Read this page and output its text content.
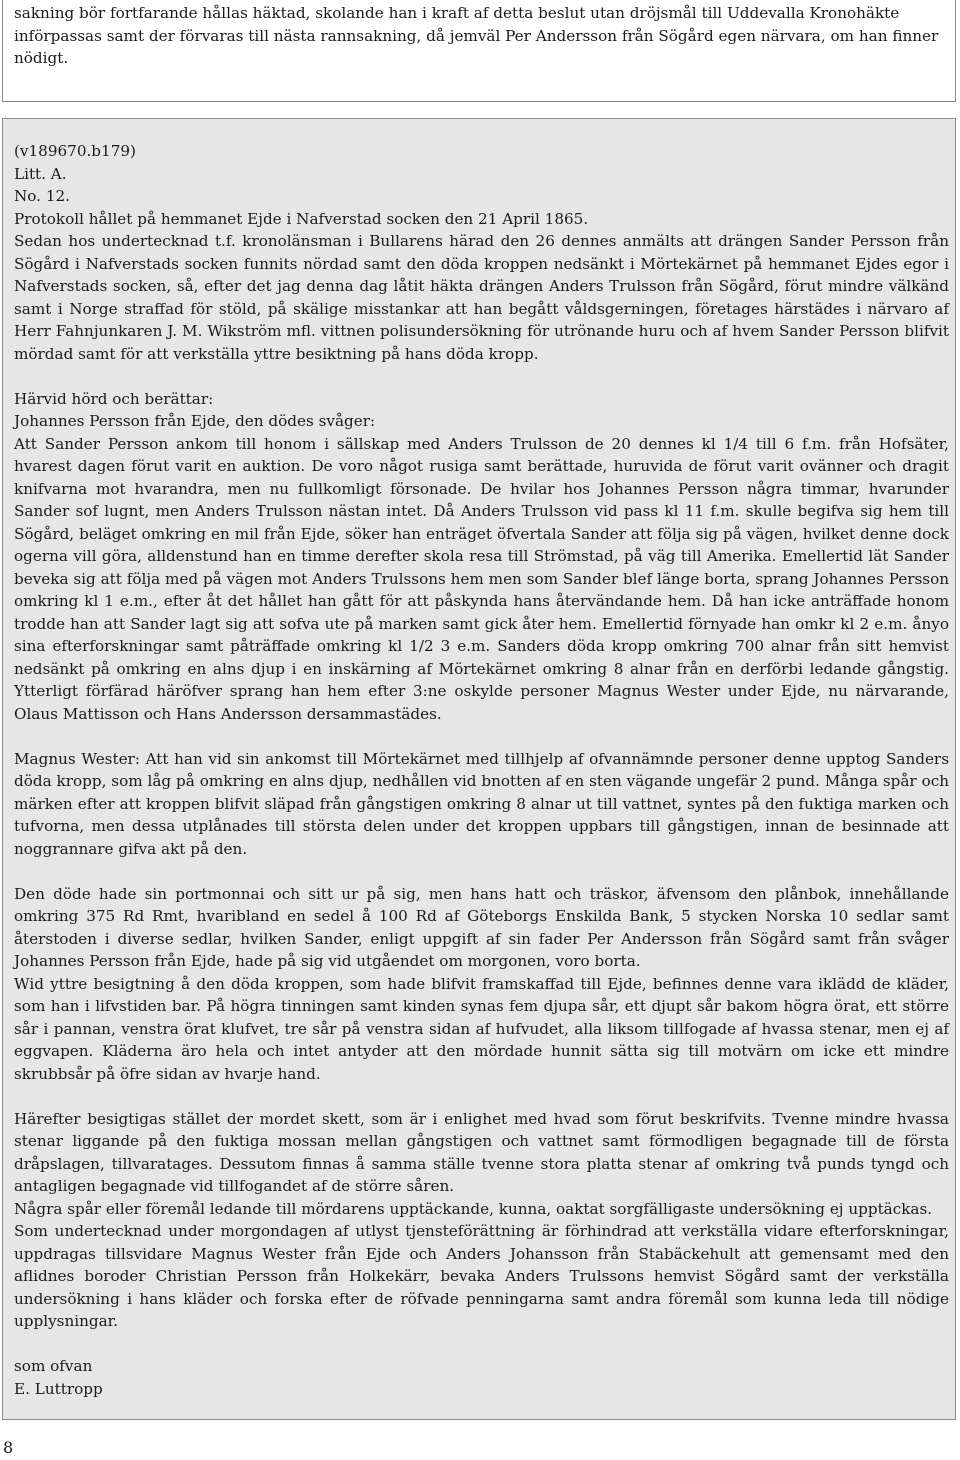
sakning bör fortfarande hållas häktad, skolande han i kraft af detta beslut utan dröjsmål till Uddevalla Kronohäkte införpassas samt der förvaras till nästa rannsakning, då jemväl Per Andersson från Sögård egen närvara, om han finner nödigt.

(v189670.b179)

Litt. A.

No. 12.

Protokoll hållet på hemmanet Ejde i Nafverstad socken den 21 April 1865.

Sedan hos undertecknad t.f. kronolänsman i Bullarens härad den 26 dennes anmälts att drängen Sander Persson från Sögård i Nafverstads socken funnits nördad samt den döda kroppen nedsänkt i Mörtekärnet på hemmanet Ejdes egor i Nafverstads socken, så, efter det jag denna dag låtit häkta drängen Anders Trulsson från Sögård, förut mindre välkänd samt i Norge straffad för stöld, på skälige misstankar att han begått våldsgerningen, företages härstädes i närvaro af Herr Fahnjunkaren J. M. Wikström mfl. vittnen polisundersökning för utrönande huru och af hvem Sander Persson blifvit mördad samt för att verkställa yttre besiktning på hans döda kropp.

Härvid hörd och berättar:

Johannes Persson från Ejde, den dödes svåger:

Att Sander Persson ankom till honom i sällskap med Anders Trulsson de 20 dennes kl 1/4 till 6 f.m. från Hofsäter, hvarest dagen förut varit en auktion. De voro något rusiga samt berättade, huruvida de förut varit ovänner och dragit knifvarna mot hvarandra, men nu fullkomligt försonade. De hvilar hos Johannes Persson några timmar, hvarunder Sander sof lugnt, men Anders Trulsson nästan intet. Då Anders Trulsson vid pass kl 11 f.m. skulle begifva sig hem till Sögård, beläget omkring en mil från Ejde, söker han enträget öfvertala Sander att följa sig på vägen, hvilket denne dock ogerna vill göra, alldenstund han en timme derefter skola resa till Strömstad, på väg till Amerika. Emellertid lät Sander beveka sig att följa med på vägen mot Anders Trulssons hem men som Sander blef länge borta, sprang Johannes Persson omkring kl 1 e.m., efter åt det hållet han gått för att påskynda hans återvändande hem. Då han icke anträffade honom trodde han att Sander lagt sig att sofva ute på marken samt gick åter hem. Emellertid förnyade han omkr kl 2 e.m. ånyo sina efterforskningar samt påträffade omkring kl 1/2 3 e.m. Sanders döda kropp omkring 700 alnar från sitt hemvist nedsänkt på omkring en alns djup i en inskärning af Mörtekärnet omkring 8 alnar från en derförbi ledande gångstig. Ytterligt förfärad häröfver sprang han hem efter 3:ne oskylde personer Magnus Wester under Ejde, nu närvarande, Olaus Mattisson och Hans Andersson dersammastädes.

Magnus Wester: Att han vid sin ankomst till Mörtekärnet med tillhjelp af ofvannämnde personer denne upptog Sanders döda kropp, som låg på omkring en alns djup, nedhållen vid bnotten af en sten vägande ungefär 2 pund. Många spår och märken efter att kroppen blifvit släpad från gångstigen omkring 8 alnar ut till vattnet, syntes på den fuktiga marken och tufvorna, men dessa utplånades till största delen under det kroppen uppbars till gångstigen, innan de besinnade att noggrannare gifva akt på den.

Den döde hade sin portmonnai och sitt ur på sig, men hans hatt och träskor, äfvensom den plånbok, innehållande omkring 375 Rd Rmt, hvaribland en sedel å 100 Rd af Göteborgs Enskilda Bank, 5 stycken Norska 10 sedlar samt återstoden i diverse sedlar, hvilken Sander, enligt uppgift af sin fader Per Andersson från Sögård samt från svåger Johannes Persson från Ejde, hade på sig vid utgåendet om morgonen, voro borta.

Wid yttre besigtning å den döda kroppen, som hade blifvit framskaffad till Ejde, befinnes denne vara iklädd de kläder, som han i lifvstiden bar. På högra tinningen samt kinden synas fem djupa sår, ett djupt sår bakom högra örat, ett större sår i pannan, venstra örat klufvet, tre sår på venstra sidan af hufvudet, alla liksom tillfogade af hvassa stenar, men ej af eggvapen. Kläderna äro hela och intet antyder att den mördade hunnit sätta sig till motvärn om icke ett mindre skrubbsår på öfre sidan av hvarje hand.

Härefter besigtigas stället der mordet skett, som är i enlighet med hvad som förut beskrifvits. Tvenne mindre hvassa stenar liggande på den fuktiga mossan mellan gångstigen och vattnet samt förmodligen begagnade till de första dråpslagen, tillvaratages. Dessutom finnas å samma ställe tvenne stora platta stenar af omkring två punds tyngd och antagligen begagnade vid tillfogandet af de större såren.

Några spår eller föremål ledande till mördarens upptäckande, kunna, oaktat sorgfälligaste undersökning ej upptäckas.

Som undertecknad under morgondagen af utlyst tjensteförättning är förhindrad att verkställa vidare efterforskningar, uppdragas tillsvidare Magnus Wester från Ejde och Anders Johansson från Stabäckehult att gemensamt med den aflidnes boroder Christian Persson från Holkekärr, bevaka Anders Trulssons hemvist Sögård samt der verkställa undersökning i hans kläder och forska efter de röfvade penningarna samt andra föremål som kunna leda till nödige upplysningar.

som ofvan

E. Luttropp

8
